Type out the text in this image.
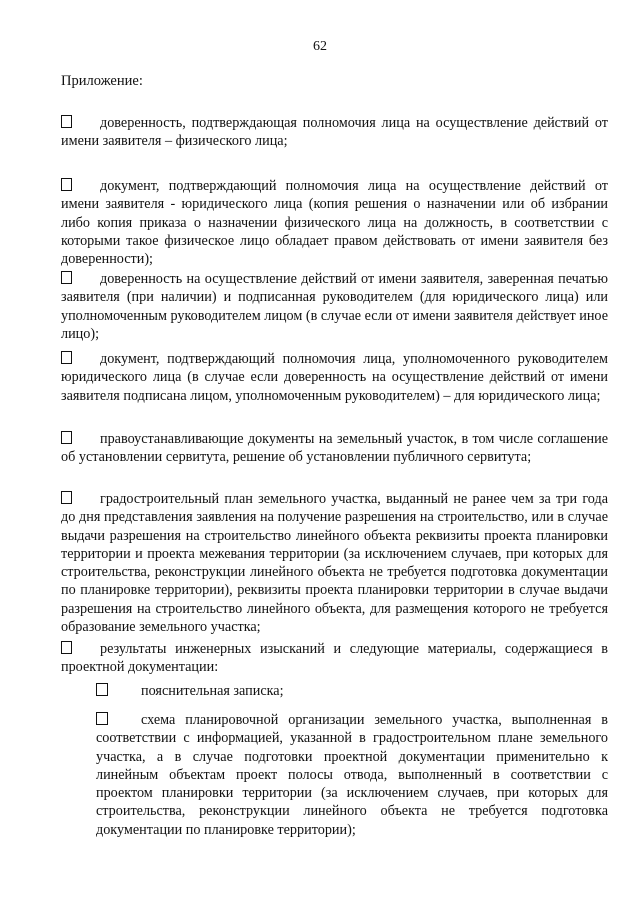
62
Приложение:

доверенность, подтверждающая полномочия лица на осуществление действий от имени заявителя – физического лица;

документ, подтверждающий полномочия лица на осуществление действий от имени заявителя - юридического лица (копия решения о назначении или об избрании либо копия приказа о назначении физического лица на должность, в соответствии с которыми такое физическое лицо обладает правом действовать от имени заявителя без доверенности);

доверенность на осуществление действий от имени заявителя, заверенная печатью заявителя (при наличии) и подписанная руководителем (для юридического лица) или уполномоченным руководителем лицом (в случае если от имени заявителя действует иное лицо);

документ, подтверждающий полномочия лица, уполномоченного руководителем юридического лица (в случае если доверенность на осуществление действий от имени заявителя подписана лицом, уполномоченным руководителем) – для юридического лица;

правоустанавливающие документы на земельный участок, в том числе соглашение об установлении сервитута, решение об установлении публичного сервитута;

градостроительный план земельного участка, выданный не ранее чем за три года до дня представления заявления на получение разрешения на строительство, или в случае выдачи разрешения на строительство линейного объекта реквизиты проекта планировки территории и проекта межевания территории (за исключением случаев, при которых для строительства, реконструкции линейного объекта не требуется подготовка документации по планировке территории), реквизиты проекта планировки территории в случае выдачи разрешения на строительство линейного объекта, для размещения которого не требуется образование земельного участка;

результаты инженерных изысканий и следующие материалы, содержащиеся в проектной документации:

пояснительная записка;

схема планировочной организации земельного участка, выполненная в соответствии с информацией, указанной в градостроительном плане земельного участка, а в случае подготовки проектной документации применительно к линейным объектам проект полосы отвода, выполненный в соответствии с проектом планировки территории (за исключением случаев, при которых для строительства, реконструкции линейного объекта не требуется подготовка документации по планировке территории);
